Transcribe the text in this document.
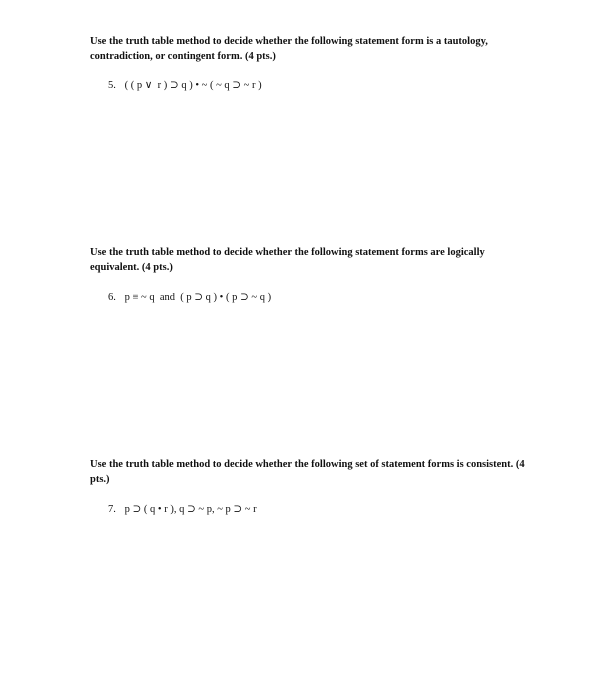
Use the truth table method to decide whether the following statement form is a tautology, contradiction, or contingent form. (4 pts.)

5. ( ( p ∨  r ) ⊃ q ) • ~ ( ~ q ⊃ ~ r )

Use the truth table method to decide whether the following statement forms are logically equivalent. (4 pts.)

6. p ≡ ~ q  and  ( p ⊃ q ) • ( p ⊃ ~ q )

Use the truth table method to decide whether the following set of statement forms is consistent. (4 pts.)

7. p ⊃ ( q • r ), q ⊃ ~ p, ~ p ⊃ ~ r
